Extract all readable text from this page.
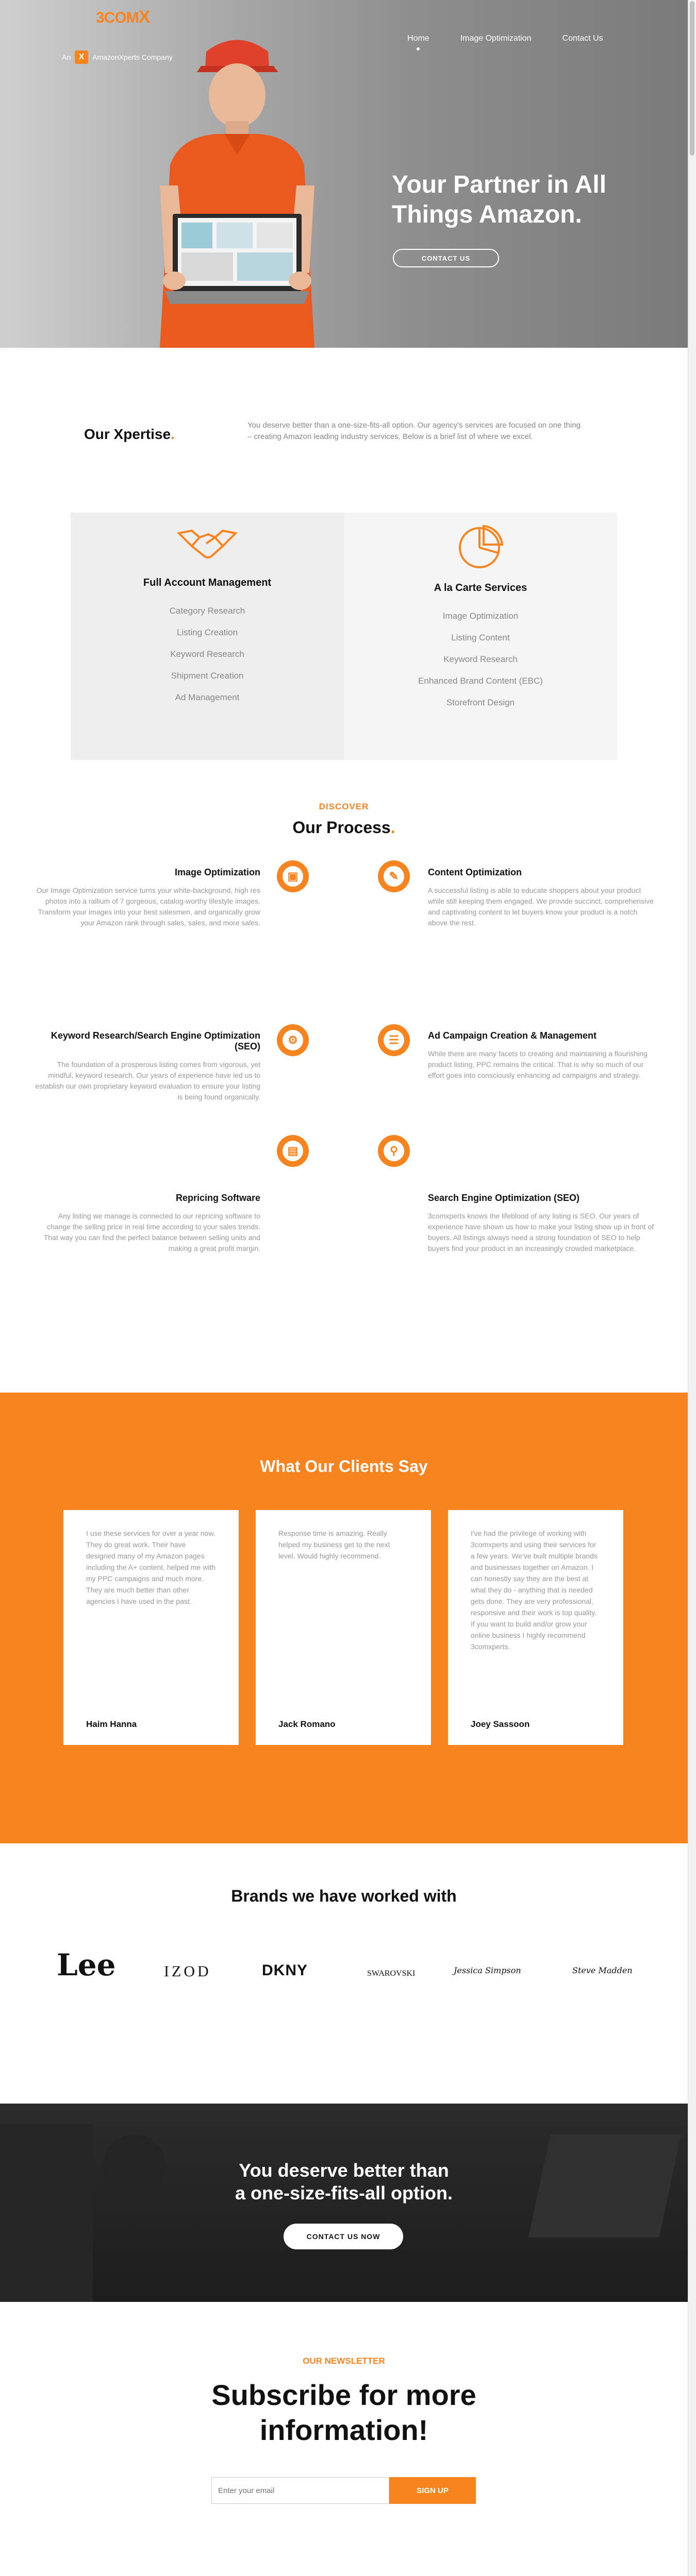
3COMX
An X	AmazonXperts Company
Home	Image Optimization	Contact Us
Your Partner in All Things Amazon.
CONTACT US
Our Xpertise.

You deserve better than a one-size-fits-all option. Our agency's services are focused on one thing – creating Amazon leading industry services. Below is a brief list of where we excel.

Full Account Management
Category Research
Listing Creation
Keyword Research
Shipment Creation
Ad Management
A la Carte Services
Image Optimization
Listing Content
Keyword Research
Enhanced Brand Content (EBC)
Storefront Design
DISCOVER
Our Process.
Image Optimization

Our Image Optimization service turns your white-background, high res photos into a rallium of 7 gorgeous, catalog-worthy lifestyle images. Transform your images into your best salesmen, and organically grow your Amazon rank through sales, sales, and more sales.

▣	✎	Content Optimization

A successful listing is able to educate shoppers about your product while still keeping them engaged. We provide succinct, comprehensive and captivating content to let buyers know your product is a notch above the rest.

Keyword Research/Search Engine Optimization (SEO)

The foundation of a prosperous listing comes from vigorous, yet mindful, keyword research. Our years of experience have led us to establish our own proprietary keyword evaluation to ensure your listing is being found organically.

⚙	☰	Ad Campaign Creation & Management

While there are many facets to creating and maintaining a flourishing product listing, PPC remains the critical. That is why so much of our effort goes into consciously enhancing ad campaigns and strategy.

Repricing Software

Any listing we manage is connected to our repricing software to change the selling price in real time according to your sales trends. That way you can find the perfect balance between selling units and making a great profit margin.

▤	⚲
Search Engine Optimization (SEO)

3comxperts knows the lifeblood of any listing is SEO. Our years of experience have shown us how to make your listing show up in front of buyers. All listings always need a strong foundation of SEO to help buyers find your product in an increasingly crowded marketplace.

What Our Clients Say

I use these services for over a year now. They do great work. Their have designed many of my Amazon pages including the A+ content, helped me with my PPC campaigns and much more. They are much better than other agencies I have used in the past.

Haim Hanna

Response time is amazing. Really helped my business get to the next level. Would highly recommend.

Jack Romano

I've had the privilege of working with 3comxperts and using their services for a few years. We've built multiple brands and businesses together on Amazon. I can honestly say they are the best at what they do - anything that is needed gets done. They are very professional, responsive and their work is top quality. If you want to build and/or grow your online business I highly recommend 3comxperts.

Joey Sassoon
Brands we have worked with
Lee	IZOD	DKNY	SWAROVSKI	Jessica Simpson	Steve Madden
You deserve better than
a one-size-fits-all option.
CONTACT US NOW
OUR NEWSLETTER
Subscribe for more
information!
Enter your email
SIGN UP
